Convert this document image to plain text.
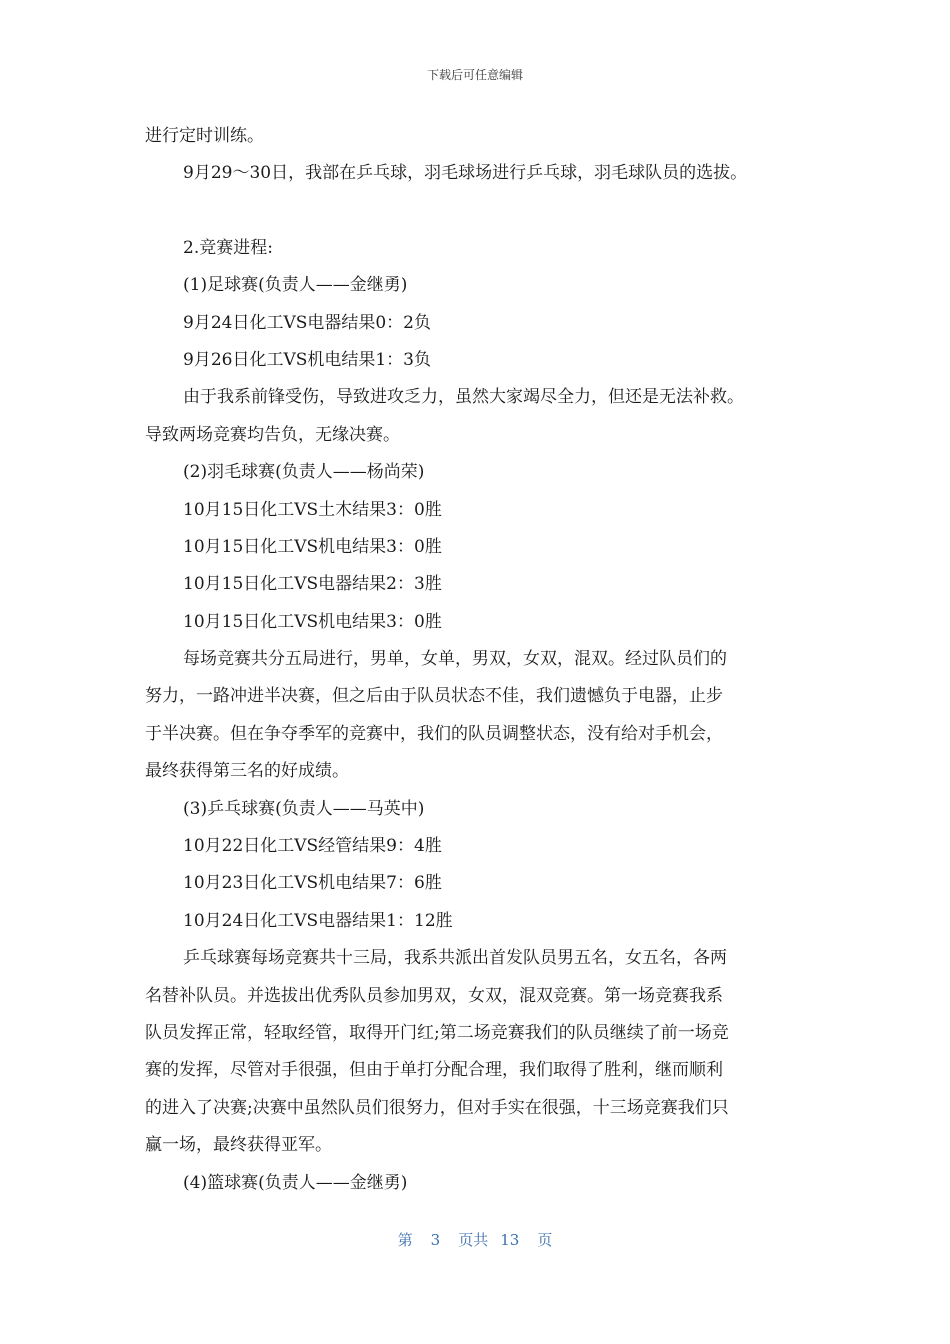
下载后可任意编辑
进行定时训练。
9月29～30日，我部在乒乓球，羽毛球场进行乒乓球，羽毛球队员的选拔。
2.竞赛进程:
(1)足球赛(负责人——金继勇)
9月24日化工VS电器结果0：2负
9月26日化工VS机电结果1：3负
由于我系前锋受伤，导致进攻乏力，虽然大家竭尽全力，但还是无法补救。
导致两场竞赛均告负，无缘决赛。
(2)羽毛球赛(负责人——杨尚荣)
10月15日化工VS土木结果3：0胜
10月15日化工VS机电结果3：0胜
10月15日化工VS电器结果2：3胜
10月15日化工VS机电结果3：0胜
每场竞赛共分五局进行，男单，女单，男双，女双，混双。经过队员们的
努力，一路冲进半决赛，但之后由于队员状态不佳，我们遗憾负于电器，止步
于半决赛。但在争夺季军的竞赛中，我们的队员调整状态，没有给对手机会，
最终获得第三名的好成绩。
(3)乒乓球赛(负责人——马英中)
10月22日化工VS经管结果9：4胜
10月23日化工VS机电结果7：6胜
10月24日化工VS电器结果1：12胜
乒乓球赛每场竞赛共十三局，我系共派出首发队员男五名，女五名，各两
名替补队员。并选拔出优秀队员参加男双，女双，混双竞赛。第一场竞赛我系
队员发挥正常，轻取经管，取得开门红;第二场竞赛我们的队员继续了前一场竞
赛的发挥，尽管对手很强，但由于单打分配合理，我们取得了胜利，继而顺利
的进入了决赛;决赛中虽然队员们很努力，但对手实在很强，十三场竞赛我们只
赢一场，最终获得亚军。
(4)篮球赛(负责人——金继勇)
第 3 页共 13 页
